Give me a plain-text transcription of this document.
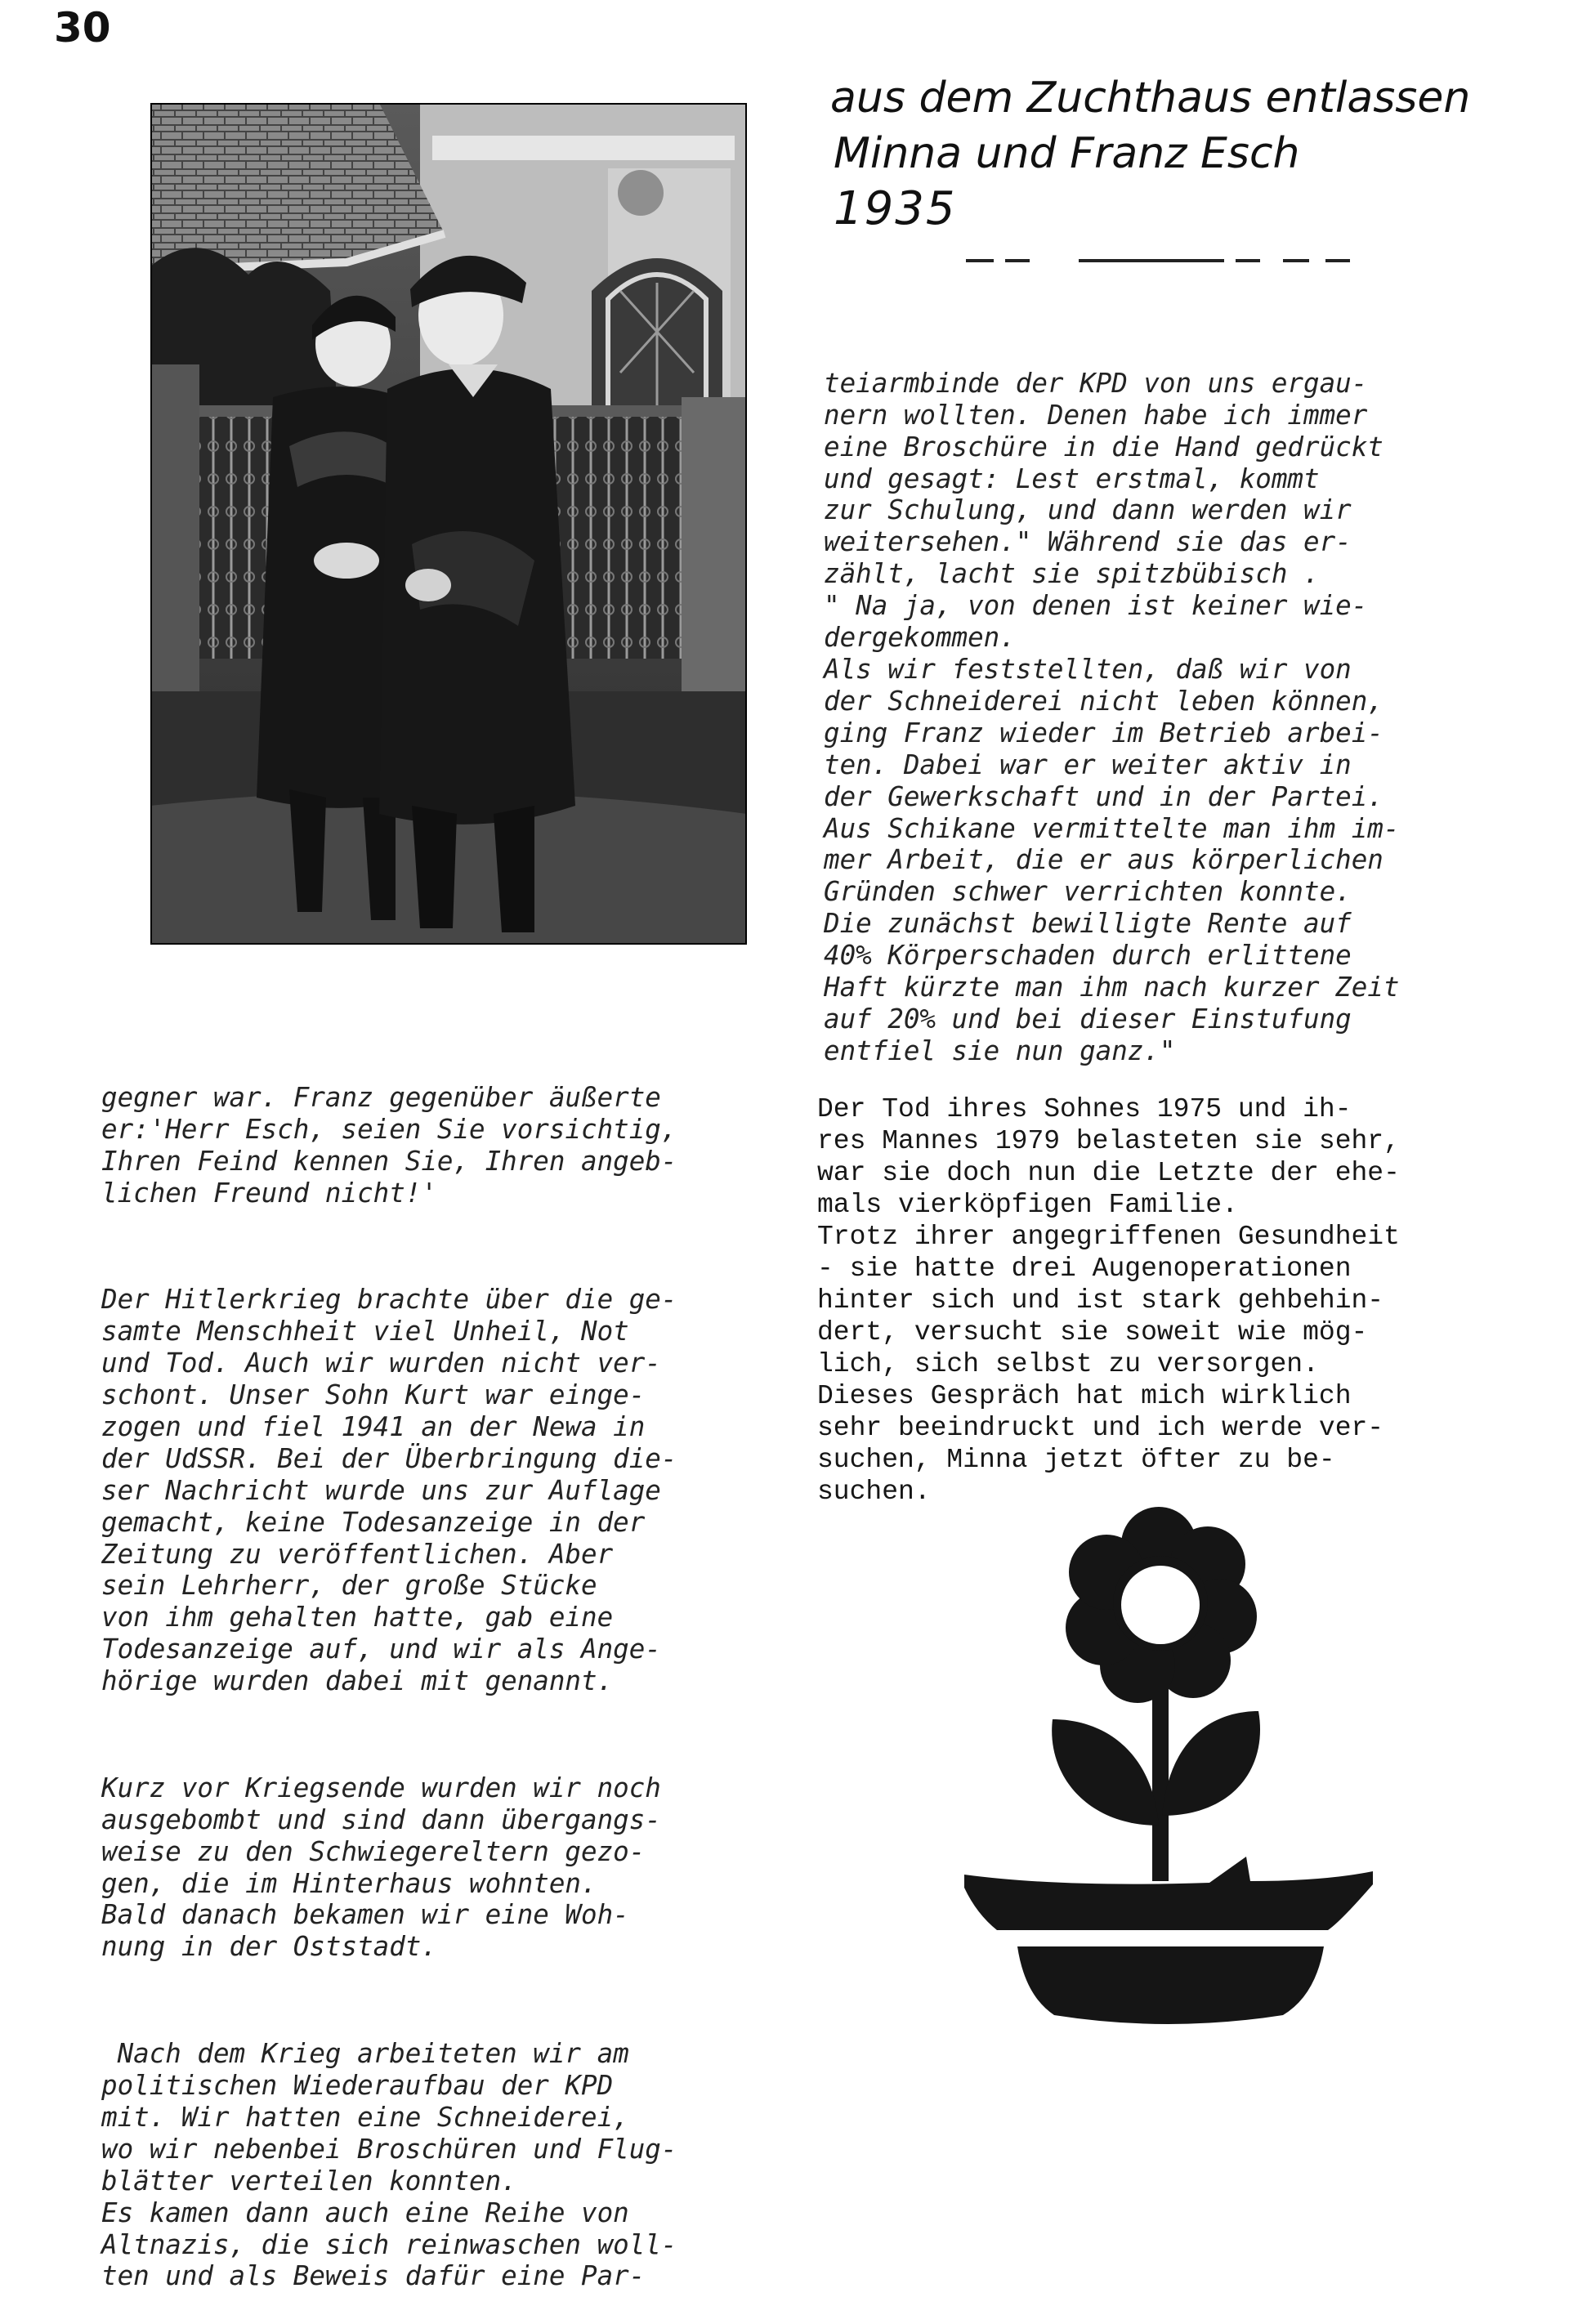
30
aus dem Zuchthaus entlassen
Minna und Franz Esch
1935

teiarmbinde der KPD von uns ergau-
nern wollten. Denen habe ich immer
eine Broschüre in die Hand gedrückt
und gesagt: Lest erstmal, kommt
zur Schulung, und dann werden wir
weitersehen." Während sie das er-
zählt, lacht sie spitzbübisch .
" Na ja, von denen ist keiner wie-
dergekommen.
Als wir feststellten, daß wir von
der Schneiderei nicht leben können,
ging Franz wieder im Betrieb arbei-
ten. Dabei war er weiter aktiv in
der Gewerkschaft und in der Partei.
Aus Schikane vermittelte man ihm im-
mer Arbeit, die er aus körperlichen
Gründen schwer verrichten konnte.
Die zunächst bewilligte Rente auf
40% Körperschaden durch erlittene
Haft kürzte man ihm nach kurzer Zeit
auf 20% und bei dieser Einstufung
entfiel sie nun ganz."

Der Tod ihres Sohnes 1975 und ih-
res Mannes 1979 belasteten sie sehr,
war sie doch nun die Letzte der ehe-
mals vierköpfigen Familie.
Trotz ihrer angegriffenen Gesundheit
- sie hatte drei Augenoperationen
hinter sich und ist stark gehbehin-
dert, versucht sie soweit wie mög-
lich, sich selbst zu versorgen.
Dieses Gespräch hat mich wirklich
sehr beeindruckt und ich werde ver-
suchen, Minna jetzt öfter zu be-
suchen.

gegner war. Franz gegenüber äußerte
er:'Herr Esch, seien Sie vorsichtig,
Ihren Feind kennen Sie, Ihren angeb-
lichen Freund nicht!'

Der Hitlerkrieg brachte über die ge-
samte Menschheit viel Unheil, Not
und Tod. Auch wir wurden nicht ver-
schont. Unser Sohn Kurt war einge-
zogen und fiel 1941 an der Newa in
der UdSSR. Bei der Überbringung die-
ser Nachricht wurde uns zur Auflage
gemacht, keine Todesanzeige in der
Zeitung zu veröffentlichen. Aber
sein Lehrherr, der große Stücke
von ihm gehalten hatte, gab eine
Todesanzeige auf, und wir als Ange-
hörige wurden dabei mit genannt.

Kurz vor Kriegsende wurden wir noch
ausgebombt und sind dann übergangs-
weise zu den Schwiegereltern gezo-
gen, die im Hinterhaus wohnten.
Bald danach bekamen wir eine Woh-
nung in der Oststadt.

Nach dem Krieg arbeiteten wir am
politischen Wiederaufbau der KPD
mit. Wir hatten eine Schneiderei,
wo wir nebenbei Broschüren und Flug-
blätter verteilen konnten.
Es kamen dann auch eine Reihe von
Altnazis, die sich reinwaschen woll-
ten und als Beweis dafür eine Par-
